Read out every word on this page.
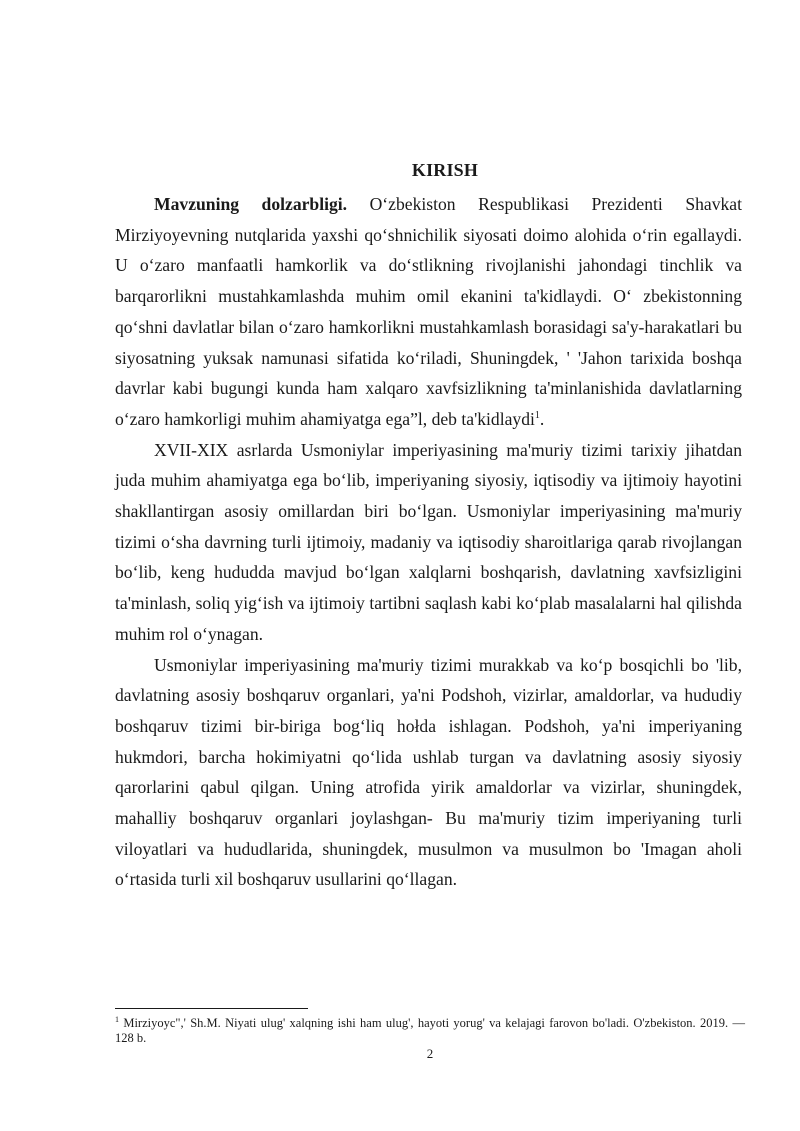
KIRISH

Mavzuning dolzarbligi. O‘zbekiston Respublikasi Prezidenti Shavkat Mirziyoyevning nutqlarida yaxshi qo‘shnichilik siyosati doimo alohida o‘rin egallaydi. U o‘zaro manfaatli hamkorlik va do‘stlikning rivojlanishi jahondagi tinchlik va barqarorlikni mustahkamlashda muhim omil ekanini ta'kidlaydi. O‘ zbekistonning qo‘shni davlatlar bilan o‘zaro hamkorlikni mustahkamlash borasidagi sa'y-harakatlari bu siyosatning yuksak namunasi sifatida ko‘riladi, Shuningdek, ' 'Jahon tarixida boshqa davrlar kabi bugungi kunda ham xalqaro xavfsizlikning ta'minlanishida davlatlarning o‘zaro hamkorligi muhim ahamiyatga ega”l, deb ta'kidlaydi$^1$.

XVII-XIX asrlarda Usmoniylar imperiyasining ma'muriy tizimi tarixiy jihatdan juda muhim ahamiyatga ega bo‘lib, imperiyaning siyosiy, iqtisodiy va ijtimoiy hayotini shakllantirgan asosiy omillardan biri bo‘lgan. Usmoniylar imperiyasining ma'muriy tizimi o‘sha davrning turli ijtimoiy, madaniy va iqtisodiy sharoitlariga qarab rivojlangan bo‘lib, keng hududda mavjud bo‘lgan xalqlarni boshqarish, davlatning xavfsizligini ta'minlash, soliq yig‘ish va ijtimoiy tartibni saqlash kabi ko‘plab masalalarni hal qilishda muhim rol o‘ynagan.

Usmoniylar imperiyasining ma'muriy tizimi murakkab va ko‘p bosqichli bo 'lib, davlatning asosiy boshqaruv organlari, ya'ni Podshoh, vizirlar, amaldorlar, va hududiy boshqaruv tizimi bir-biriga bog‘liq hołda ishlagan. Podshoh, ya'ni imperiyaning hukmdori, barcha hokimiyatni qo‘lida ushlab turgan va davlatning asosiy siyosiy qarorlarini qabul qilgan. Uning atrofida yirik amaldorlar va vizirlar, shuningdek, mahalliy boshqaruv organlari joylashgan- Bu ma'muriy tizim imperiyaning turli viloyatlari va hududlarida, shuningdek, musulmon va musulmon bo 'Imagan aholi o‘rtasida turli xil boshqaruv usullarini qo‘llagan.

$^1$ Mirziyoyc",' Sh.M. Niyati ulug' xalqning ishi ham ulug', hayoti yorug' va kelajagi farovon bo'ladi. O'zbekiston. 2019. — 128 b.
2
